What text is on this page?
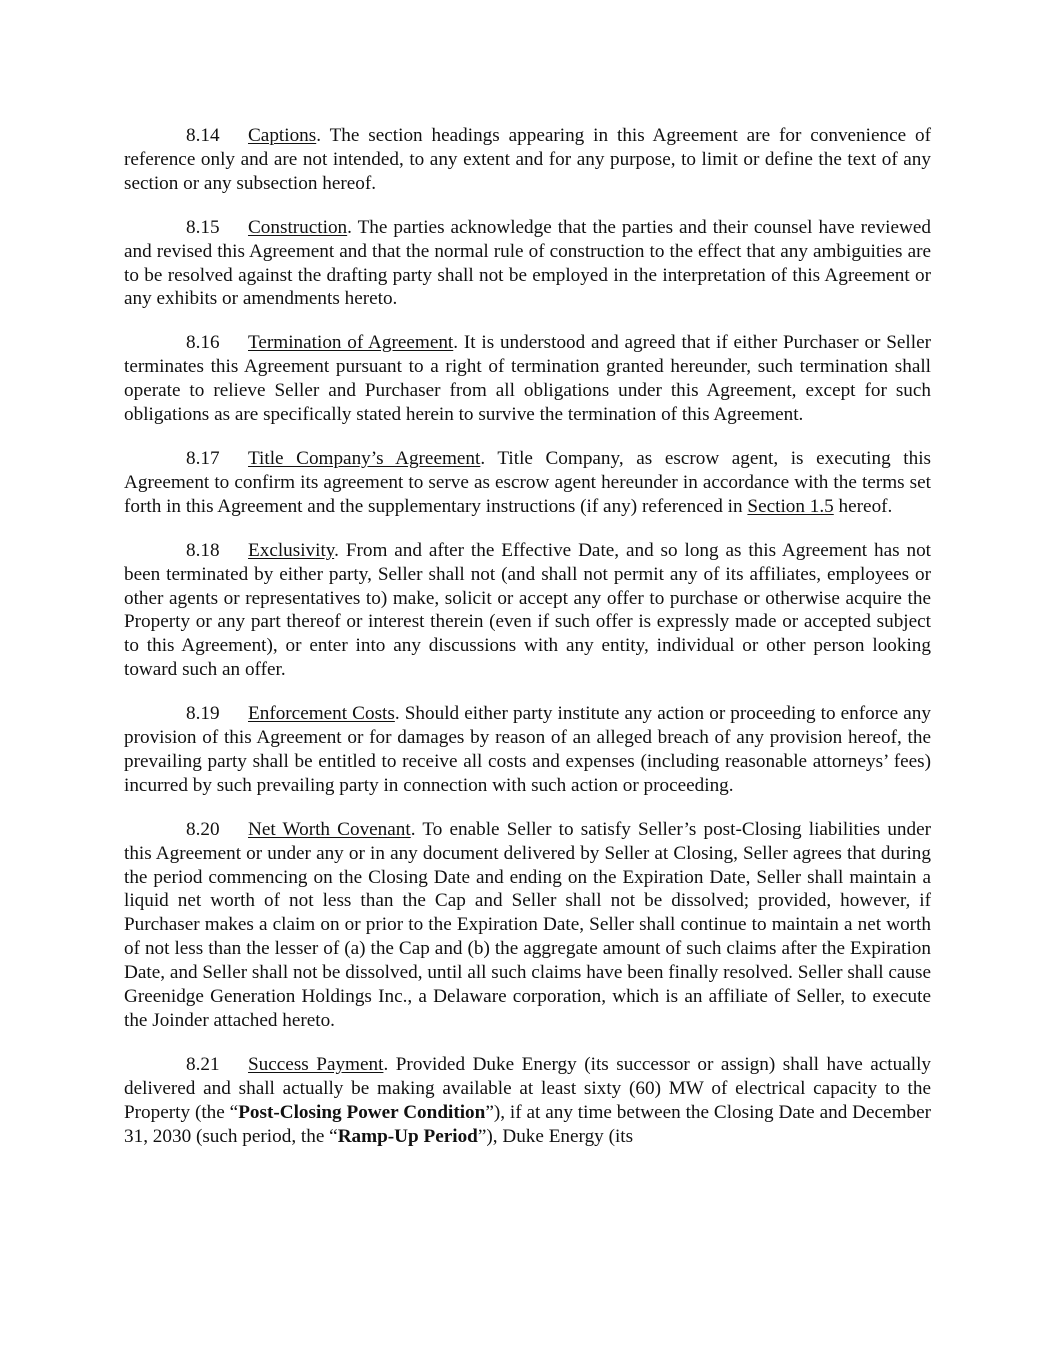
8.14 Captions. The section headings appearing in this Agreement are for convenience of reference only and are not intended, to any extent and for any purpose, to limit or define the text of any section or any subsection hereof.

8.15 Construction. The parties acknowledge that the parties and their counsel have reviewed and revised this Agreement and that the normal rule of construction to the effect that any ambiguities are to be resolved against the drafting party shall not be employed in the interpretation of this Agreement or any exhibits or amendments hereto.

8.16 Termination of Agreement. It is understood and agreed that if either Purchaser or Seller terminates this Agreement pursuant to a right of termination granted hereunder, such termination shall operate to relieve Seller and Purchaser from all obligations under this Agreement, except for such obligations as are specifically stated herein to survive the termination of this Agreement.

8.17 Title Company’s Agreement. Title Company, as escrow agent, is executing this Agreement to confirm its agreement to serve as escrow agent hereunder in accordance with the terms set forth in this Agreement and the supplementary instructions (if any) referenced in Section 1.5 hereof.

8.18 Exclusivity. From and after the Effective Date, and so long as this Agreement has not been terminated by either party, Seller shall not (and shall not permit any of its affiliates, employees or other agents or representatives to) make, solicit or accept any offer to purchase or otherwise acquire the Property or any part thereof or interest therein (even if such offer is expressly made or accepted subject to this Agreement), or enter into any discussions with any entity, individual or other person looking toward such an offer.

8.19 Enforcement Costs. Should either party institute any action or proceeding to enforce any provision of this Agreement or for damages by reason of an alleged breach of any provision hereof, the prevailing party shall be entitled to receive all costs and expenses (including reasonable attorneys’ fees) incurred by such prevailing party in connection with such action or proceeding.

8.20 Net Worth Covenant. To enable Seller to satisfy Seller’s post-Closing liabilities under this Agreement or under any or in any document delivered by Seller at Closing, Seller agrees that during the period commencing on the Closing Date and ending on the Expiration Date, Seller shall maintain a liquid net worth of not less than the Cap and Seller shall not be dissolved; provided, however, if Purchaser makes a claim on or prior to the Expiration Date, Seller shall continue to maintain a net worth of not less than the lesser of (a) the Cap and (b) the aggregate amount of such claims after the Expiration Date, and Seller shall not be dissolved, until all such claims have been finally resolved. Seller shall cause Greenidge Generation Holdings Inc., a Delaware corporation, which is an affiliate of Seller, to execute the Joinder attached hereto.

8.21 Success Payment. Provided Duke Energy (its successor or assign) shall have actually delivered and shall actually be making available at least sixty (60) MW of electrical capacity to the Property (the “Post-Closing Power Condition”), if at any time between the Closing Date and December 31, 2030 (such period, the “Ramp-Up Period”), Duke Energy (its
